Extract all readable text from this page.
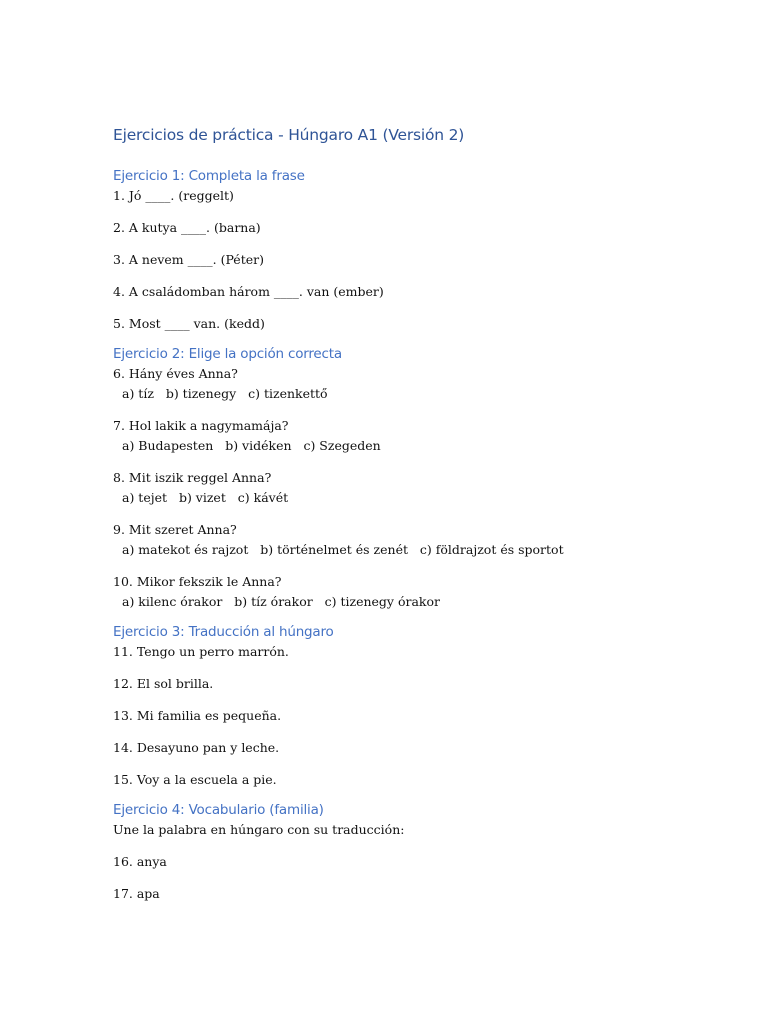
Ejercicios de práctica - Húngaro A1 (Versión 2)
Ejercicio 1: Completa la frase
1. Jó ____. (reggelt)
2. A kutya ____. (barna)
3. A nevem ____. (Péter)
4. A családomban három ____. van (ember)
5. Most ____ van. (kedd)
Ejercicio 2: Elige la opción correcta
6. Hány éves Anna?
a) tíz   b) tizenegy   c) tizenkettő
7. Hol lakik a nagymamája?
a) Budapesten   b) vidéken   c) Szegeden
8. Mit iszik reggel Anna?
a) tejet   b) vizet   c) kávét
9. Mit szeret Anna?
a) matekot és rajzot   b) történelmet és zenét   c) földrajzot és sportot
10. Mikor fekszik le Anna?
a) kilenc órakor   b) tíz órakor   c) tizenegy órakor
Ejercicio 3: Traducción al húngaro
11. Tengo un perro marrón.
12. El sol brilla.
13. Mi familia es pequeña.
14. Desayuno pan y leche.
15. Voy a la escuela a pie.
Ejercicio 4: Vocabulario (familia)
Une la palabra en húngaro con su traducción:
16. anya
17. apa
